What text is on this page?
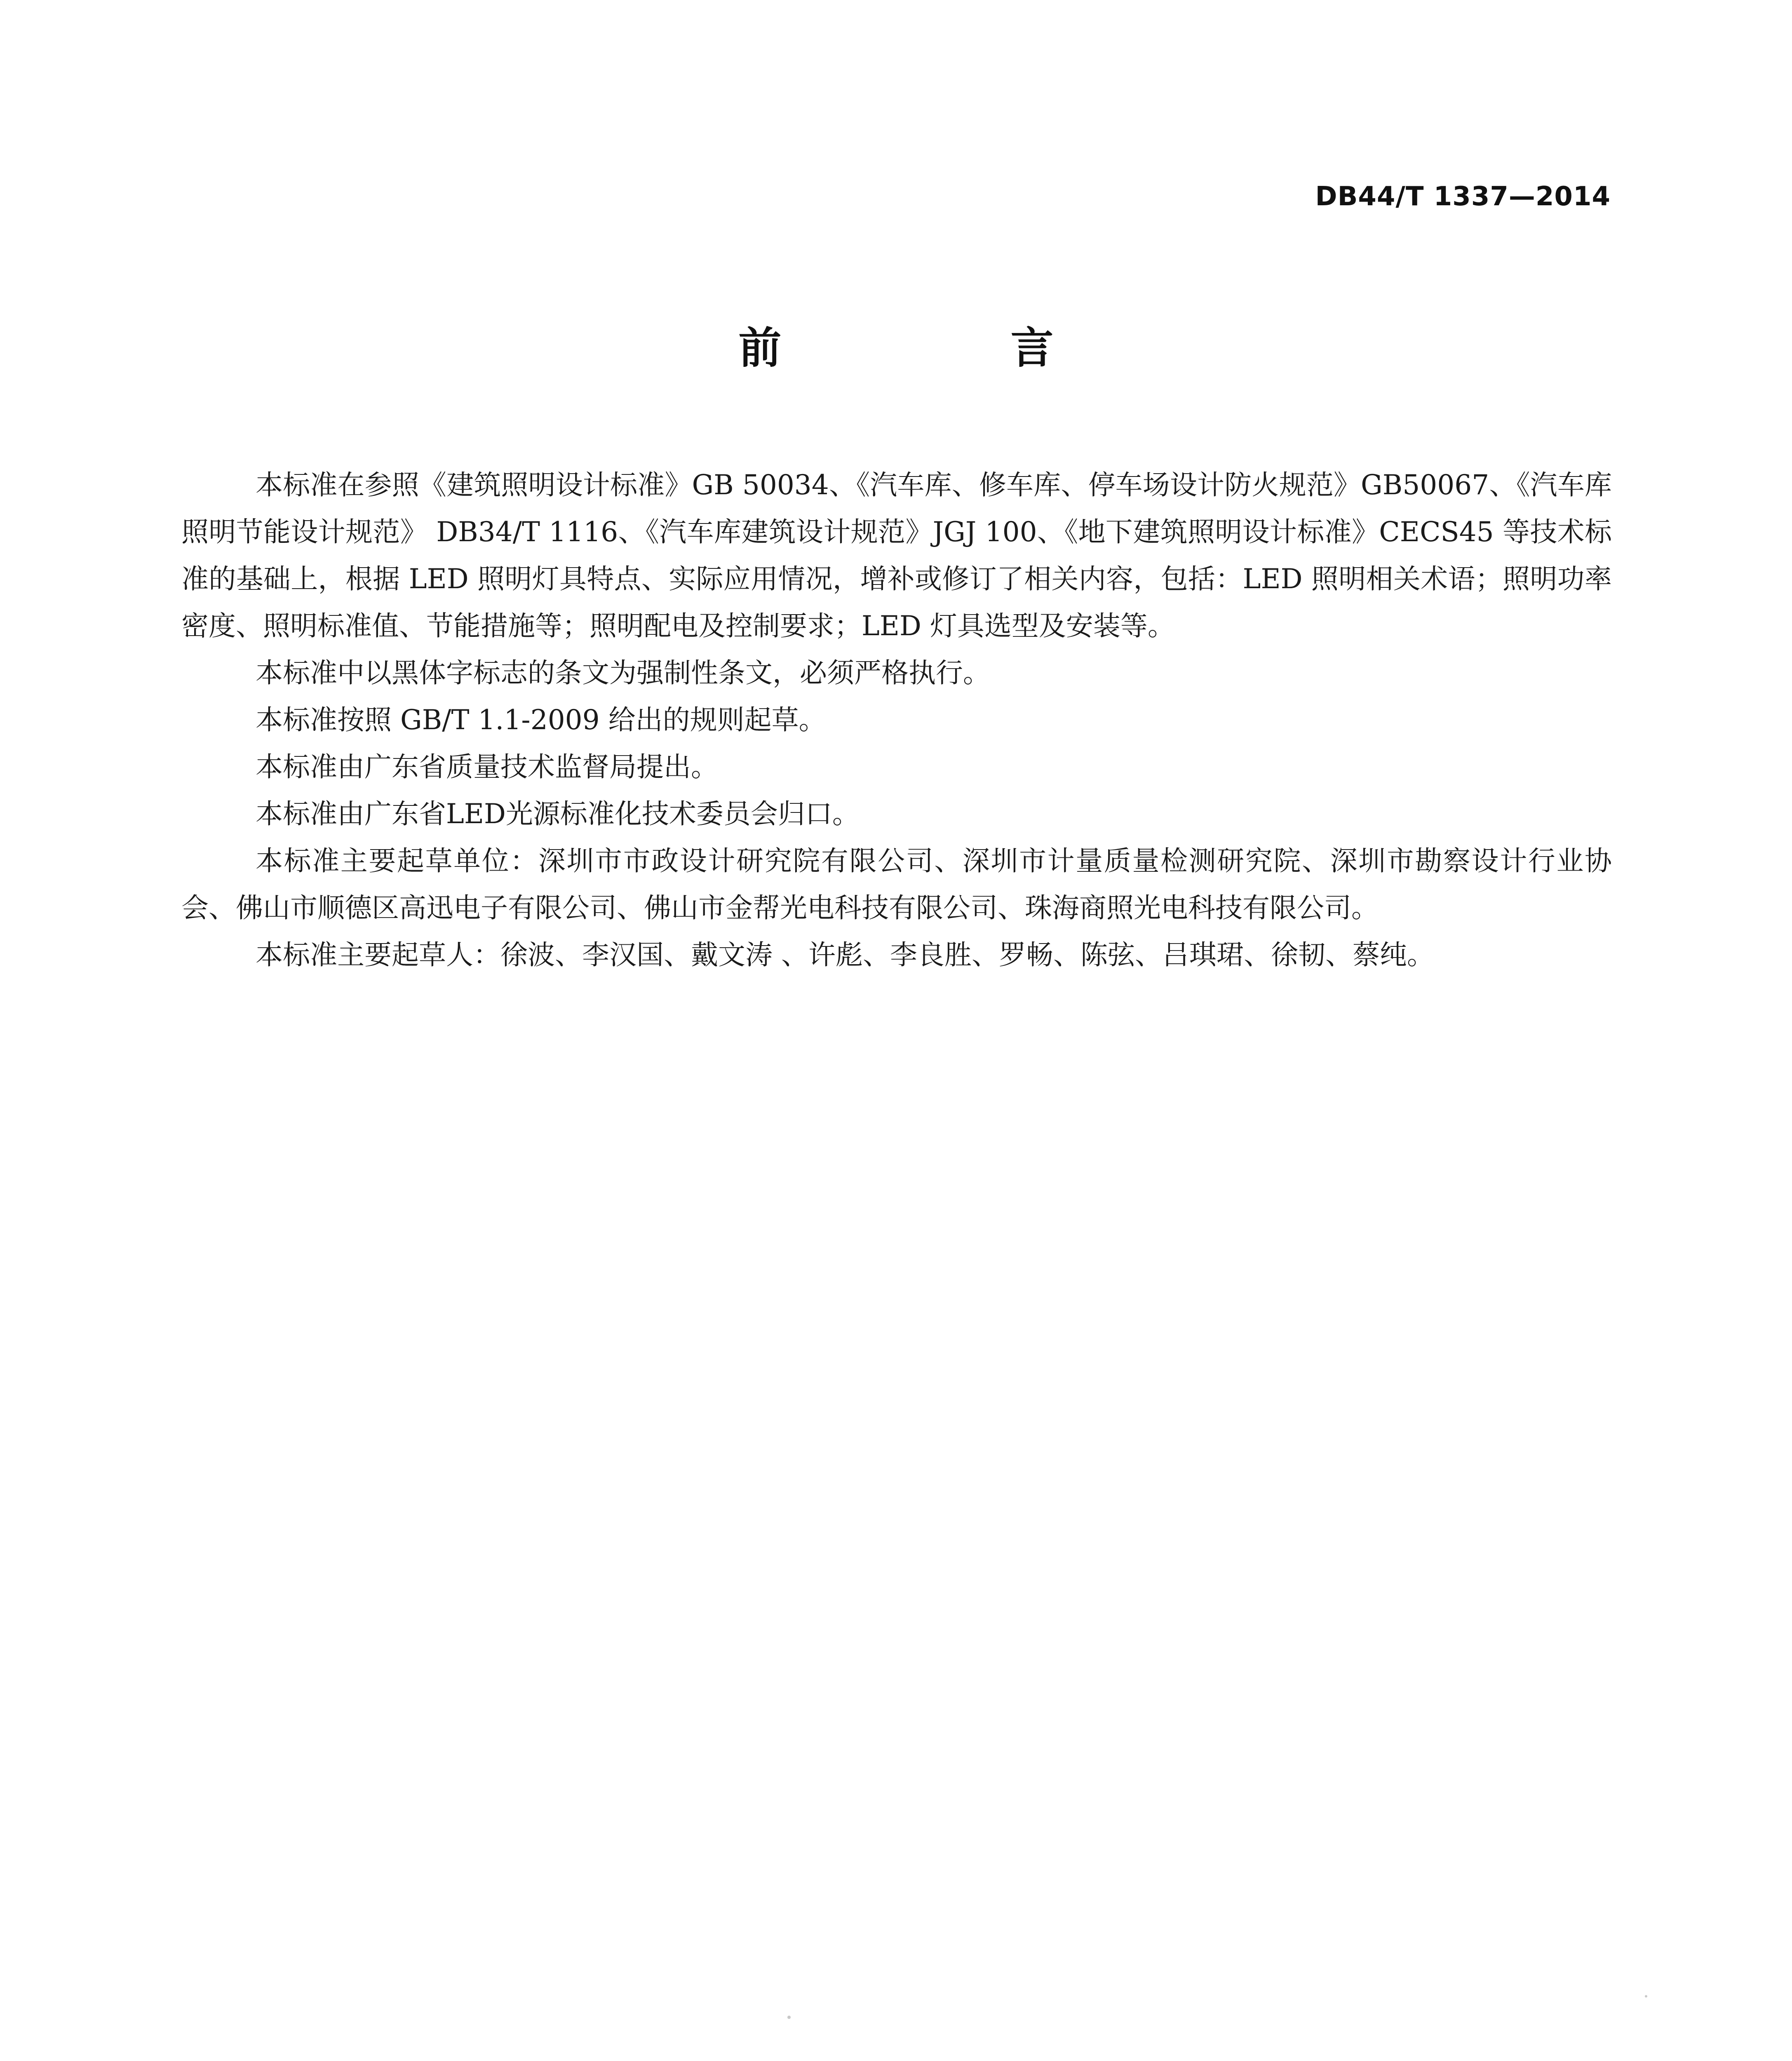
DB44/T 1337—2014
前 言

本标准在参照《建筑照明设计标准》GB 50034、《汽车库、修车库、停车场设计防火规范》GB50067、《汽车库照明节能设计规范》 DB34/T 1116、《汽车库建筑设计规范》JGJ 100、《地下建筑照明设计标准》CECS45 等技术标准的基础上，根据 LED 照明灯具特点、实际应用情况，增补或修订了相关内容，包括：LED 照明相关术语；照明功率密度、照明标准值、节能措施等；照明配电及控制要求；LED 灯具选型及安装等。

本标准中以黑体字标志的条文为强制性条文，必须严格执行。

本标准按照 GB/T 1.1-2009 给出的规则起草。

本标准由广东省质量技术监督局提出。

本标准由广东省LED光源标准化技术委员会归口。

本标准主要起草单位：深圳市市政设计研究院有限公司、深圳市计量质量检测研究院、深圳市勘察设计行业协会、佛山市顺德区高迅电子有限公司、佛山市金帮光电科技有限公司、珠海商照光电科技有限公司。

本标准主要起草人：徐波、李汉国、戴文涛 、许彪、李良胜、罗畅、陈弦、吕琪珺、徐韧、蔡纯。
